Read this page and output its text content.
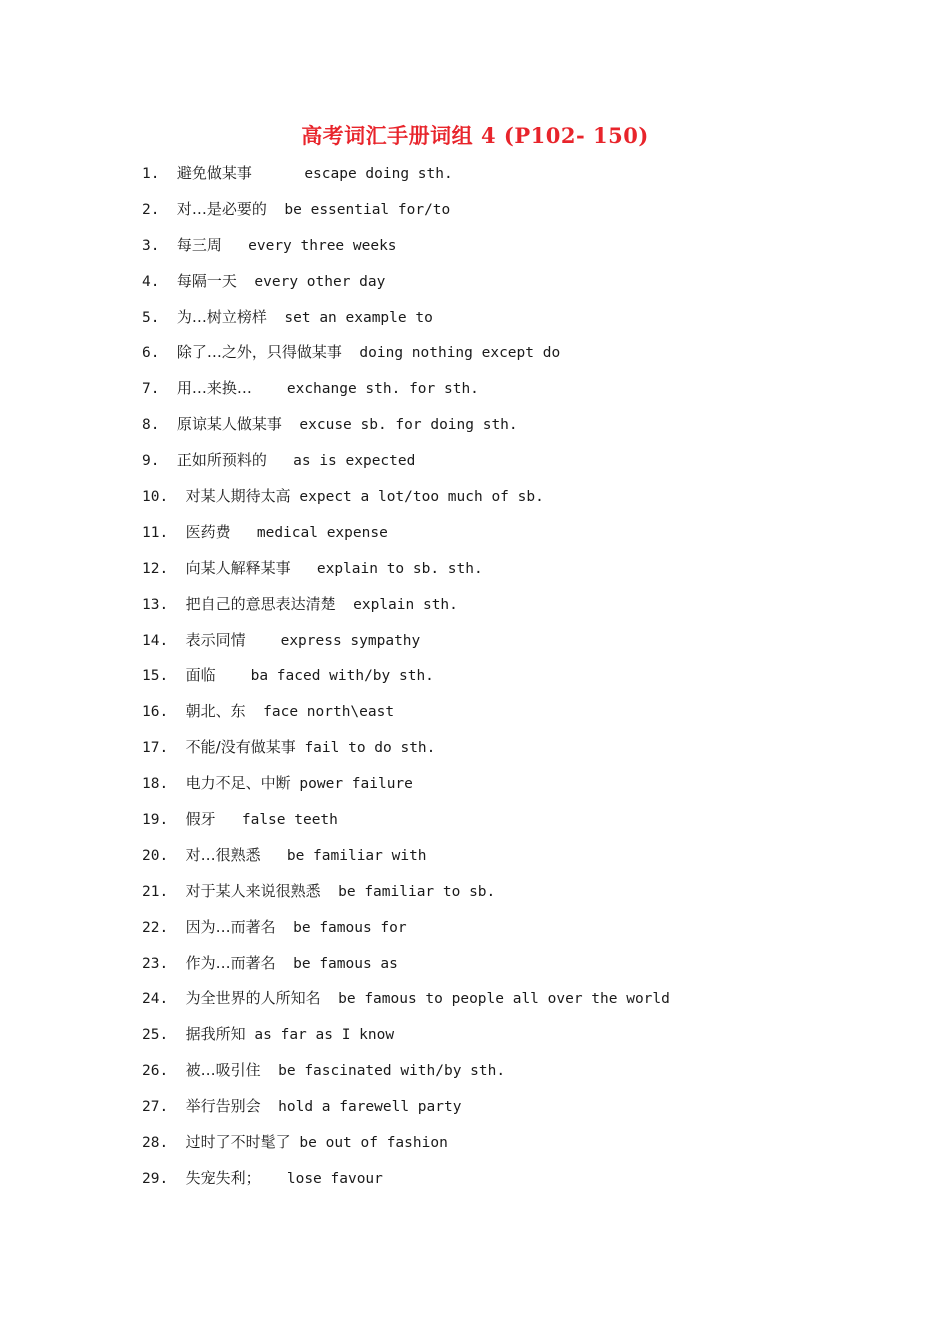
高考词汇手册词组 4 (P102- 150)
1.  避免做某事      escape doing sth.
2.  对…是必要的  be essential for/to
3.  每三周   every three weeks
4.  每隔一天  every other day
5.  为…树立榜样  set an example to
6.  除了…之外，只得做某事  doing nothing except do
7.  用…来换…    exchange sth. for sth.
8.  原谅某人做某事  excuse sb. for doing sth.
9.  正如所预料的   as is expected
10.  对某人期待太高 expect a lot/too much of sb.
11.  医药费   medical expense
12.  向某人解释某事   explain to sb. sth.
13.  把自己的意思表达清楚  explain sth.
14.  表示同情    express sympathy
15.  面临    ba faced with/by sth.
16.  朝北、东  face north\east
17.  不能/没有做某事 fail to do sth.
18.  电力不足、中断 power failure
19.  假牙   false teeth
20.  对…很熟悉   be familiar with
21.  对于某人来说很熟悉  be familiar to sb.
22.  因为…而著名  be famous for
23.  作为…而著名  be famous as
24.  为全世界的人所知名  be famous to people all over the world
25.  据我所知 as far as I know
26.  被…吸引住  be fascinated with/by sth.
27.  举行告别会  hold a farewell party
28.  过时了不时髦了 be out of fashion
29.  失宠失利；   lose favour
